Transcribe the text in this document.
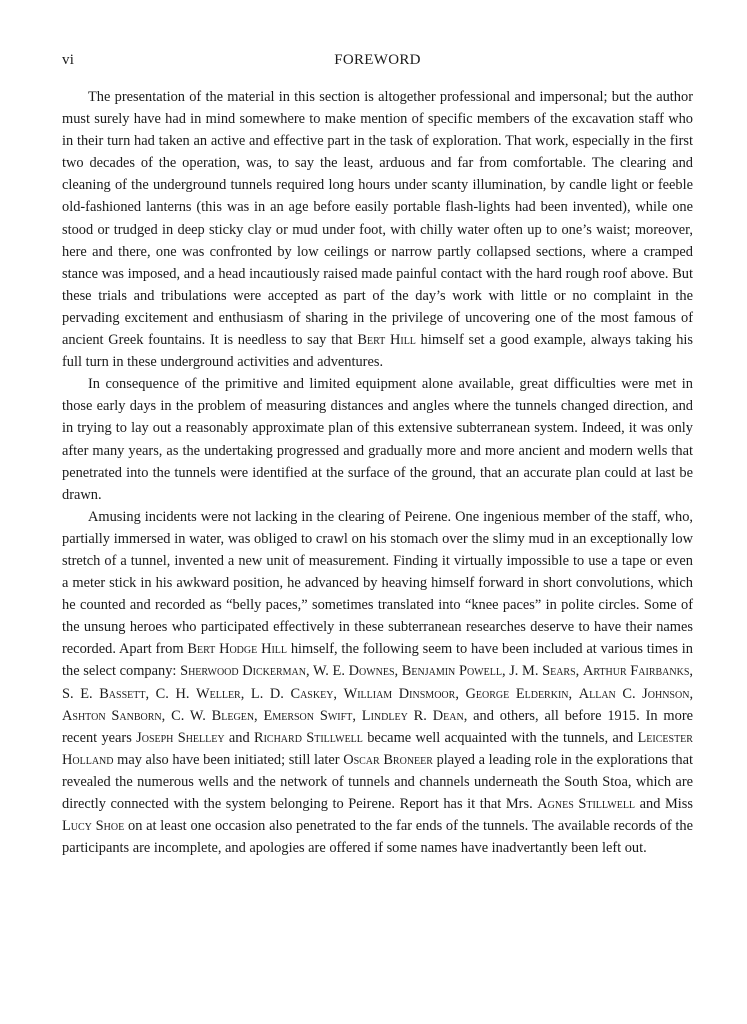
vi	FOREWORD

The presentation of the material in this section is altogether professional and impersonal; but the author must surely have had in mind somewhere to make mention of specific members of the excavation staff who in their turn had taken an active and effective part in the task of exploration. That work, especially in the first two decades of the operation, was, to say the least, arduous and far from comfortable. The clearing and cleaning of the underground tunnels required long hours under scanty illumination, by candle light or feeble old-fashioned lanterns (this was in an age before easily portable flash-lights had been invented), while one stood or trudged in deep sticky clay or mud under foot, with chilly water often up to one’s waist; moreover, here and there, one was confronted by low ceilings or narrow partly collapsed sections, where a cramped stance was imposed, and a head incautiously raised made painful contact with the hard rough roof above. But these trials and tribulations were accepted as part of the day’s work with little or no complaint in the pervading excitement and enthusiasm of sharing in the privilege of uncovering one of the most famous of ancient Greek fountains. It is needless to say that Bert Hill himself set a good example, always taking his full turn in these underground activities and adventures.

In consequence of the primitive and limited equipment alone available, great difficulties were met in those early days in the problem of measuring distances and angles where the tunnels changed direction, and in trying to lay out a reasonably approximate plan of this extensive subterranean system. Indeed, it was only after many years, as the undertaking progressed and gradually more and more ancient and modern wells that penetrated into the tunnels were identified at the surface of the ground, that an accurate plan could at last be drawn.

Amusing incidents were not lacking in the clearing of Peirene. One ingenious member of the staff, who, partially immersed in water, was obliged to crawl on his stomach over the slimy mud in an exceptionally low stretch of a tunnel, invented a new unit of measurement. Finding it virtually impossible to use a tape or even a meter stick in his awkward position, he advanced by heaving himself forward in short convolutions, which he counted and recorded as “belly paces,” sometimes translated into “knee paces” in polite circles. Some of the unsung heroes who participated effectively in these subterranean researches deserve to have their names recorded. Apart from Bert Hodge Hill himself, the following seem to have been included at various times in the select company: Sherwood Dickerman, W. E. Downes, Benjamin Powell, J. M. Sears, Arthur Fairbanks, S. E. Bassett, C. H. Weller, L. D. Caskey, William Dinsmoor, George Elderkin, Allan C. Johnson, Ashton Sanborn, C. W. Blegen, Emerson Swift, Lindley R. Dean, and others, all before 1915. In more recent years Joseph Shelley and Richard Stillwell became well acquainted with the tunnels, and Leicester Holland may also have been initiated; still later Oscar Broneer played a leading role in the explorations that revealed the numerous wells and the network of tunnels and channels underneath the South Stoa, which are directly connected with the system belonging to Peirene. Report has it that Mrs. Agnes Stillwell and Miss Lucy Shoe on at least one occasion also penetrated to the far ends of the tunnels. The available records of the participants are incomplete, and apologies are offered if some names have inadvertantly been left out.
